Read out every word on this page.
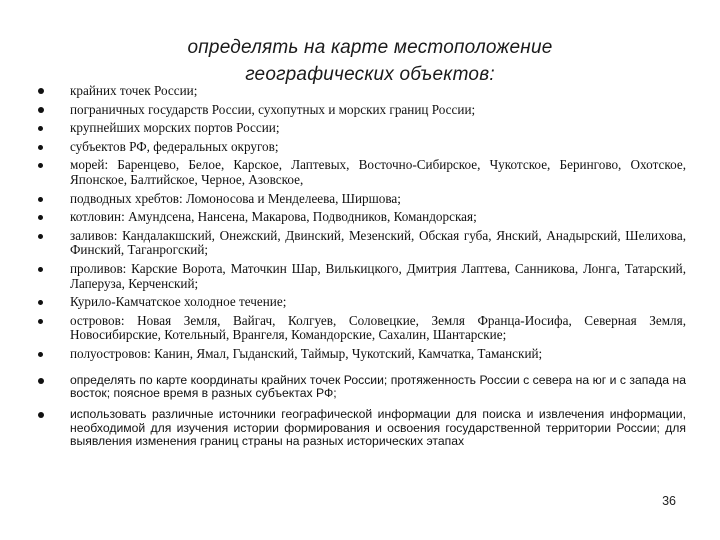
определять на карте местоположение
географических объектов:
крайних точек России;
пограничных государств России, сухопутных и морских границ России;
крупнейших морских портов России;
субъектов РФ, федеральных округов;
морей: Баренцево, Белое, Карское, Лаптевых, Восточно-Сибирское, Чукотское, Берингово, Охотское, Японское, Балтийское, Черное, Азовское,
подводных хребтов: Ломоносова и Менделеева, Ширшова;
котловин: Амундсена, Нансена, Макарова, Подводников, Командорская;
заливов: Кандалакшский, Онежский, Двинский, Мезенский, Обская губа, Янский, Анадырский, Шелихова, Финский, Таганрогский;
проливов: Карские Ворота, Маточкин Шар, Вилькицкого, Дмитрия Лаптева, Санникова, Лонга, Татарский, Лаперуза, Керченский;
Курило-Камчатское холодное течение;
островов: Новая Земля, Вайгач, Колгуев, Соловецкие, Земля Франца-Иосифа, Северная Земля, Новосибирские, Котельный, Врангеля, Командорские, Сахалин, Шантарские;
полуостровов: Канин, Ямал, Гыданский, Таймыр, Чукотский, Камчатка, Таманский;
определять по карте координаты крайних точек России; протяженность России с севера на юг и с запада на восток; поясное время в разных субъектах РФ;
использовать различные источники географической информации для поиска и извлечения информации, необходимой для изучения истории формирования и освоения государственной территории России; для выявления изменения границ страны на разных исторических этапах
36
